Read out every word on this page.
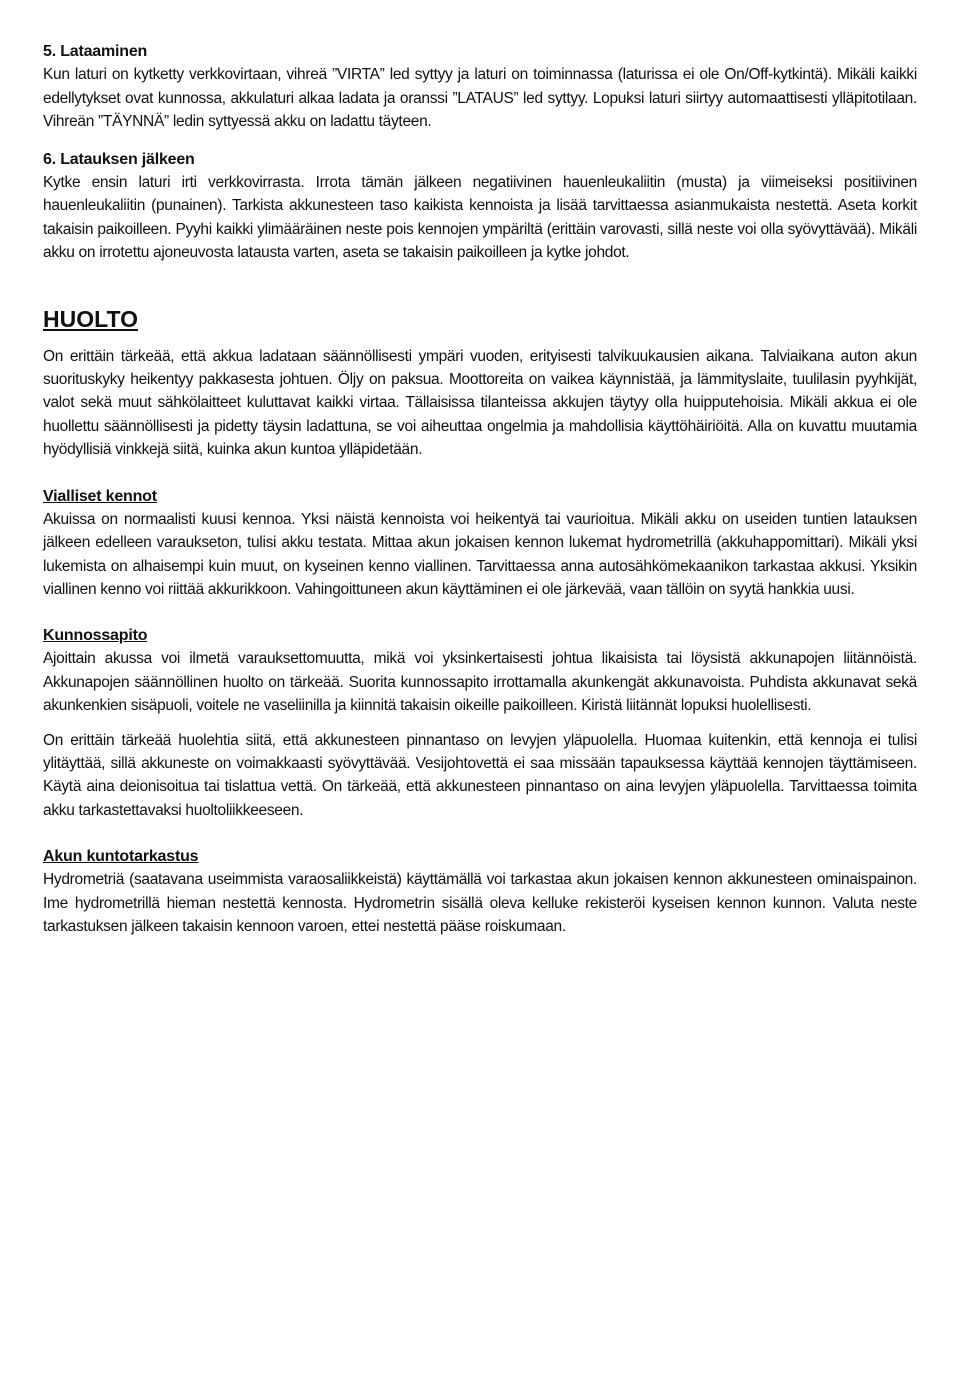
5. Lataaminen

Kun laturi on kytketty verkkovirtaan, vihreä ”VIRTA” led syttyy ja laturi on toiminnassa (laturissa ei ole On/Off-kytkintä). Mikäli kaikki edellytykset ovat kunnossa, akkulaturi alkaa ladata ja oranssi ”LATAUS” led syttyy. Lopuksi laturi siirtyy automaattisesti ylläpitotilaan. Vihreän ”TÄYNNÄ” ledin syttyessä akku on ladattu täyteen.

6. Latauksen jälkeen

Kytke ensin laturi irti verkkovirrasta. Irrota tämän jälkeen negatiivinen hauenleukaliitin (musta) ja viimeiseksi positiivinen hauenleukaliitin (punainen). Tarkista akkunesteen taso kaikista kennoista ja lisää tarvittaessa asianmukaista nestettä. Aseta korkit takaisin paikoilleen. Pyyhi kaikki ylimääräinen neste pois kennojen ympäriltä (erittäin varovasti, sillä neste voi olla syövyttävää). Mikäli akku on irrotettu ajoneuvosta latausta varten, aseta se takaisin paikoilleen ja kytke johdot.

HUOLTO

On erittäin tärkeää, että akkua ladataan säännöllisesti ympäri vuoden, erityisesti talvikuukausien aikana. Talviaikana auton akun suorituskyky heikentyy pakkasesta johtuen. Öljy on paksua. Moottoreita on vaikea käynnistää, ja lämmityslaite, tuulilasin pyyhkijät, valot sekä muut sähkölaitteet kuluttavat kaikki virtaa. Tällaisissa tilanteissa akkujen täytyy olla huipputehoisia. Mikäli akkua ei ole huollettu säännöllisesti ja pidetty täysin ladattuna, se voi aiheuttaa ongelmia ja mahdollisia käyttöhäiriöitä. Alla on kuvattu muutamia hyödyllisiä vinkkejä siitä, kuinka akun kuntoa ylläpidetään.

Vialliset kennot

Akuissa on normaalisti kuusi kennoa. Yksi näistä kennoista voi heikentyä tai vaurioitua. Mikäli akku on useiden tuntien latauksen jälkeen edelleen varaukseton, tulisi akku testata. Mittaa akun jokaisen kennon lukemat hydrometrillä (akkuhappomittari). Mikäli yksi lukemista on alhaisempi kuin muut, on kyseinen kenno viallinen. Tarvittaessa anna autosähkömekaanikon tarkastaa akkusi. Yksikin viallinen kenno voi riittää akkurikkoon. Vahingoittuneen akun käyttäminen ei ole järkevää, vaan tällöin on syytä hankkia uusi.

Kunnossapito

Ajoittain akussa voi ilmetä varauksettomuutta, mikä voi yksinkertaisesti johtua likaisista tai löysistä akkunapojen liitännöistä. Akkunapojen säännöllinen huolto on tärkeää. Suorita kunnossapito irrottamalla akunkengät akkunavoista. Puhdista akkunavat sekä akunkenkien sisäpuoli, voitele ne vaseliinilla ja kiinnitä takaisin oikeille paikoilleen. Kiristä liitännät lopuksi huolellisesti.

On erittäin tärkeää huolehtia siitä, että akkunesteen pinnantaso on levyjen yläpuolella. Huomaa kuitenkin, että kennoja ei tulisi ylitäyttää, sillä akkuneste on voimakkaasti syövyttävää. Vesijohtovettä ei saa missään tapauksessa käyttää kennojen täyttämiseen. Käytä aina deionisoitua tai tislattua vettä. On tärkeää, että akkunesteen pinnantaso on aina levyjen yläpuolella. Tarvittaessa toimita akku tarkastettavaksi huoltoliikkeeseen.

Akun kuntotarkastus

Hydrometriä (saatavana useimmista varaosaliikkeistä) käyttämällä voi tarkastaa akun jokaisen kennon akkunesteen ominaispainon. Ime hydrometrillä hieman nestettä kennosta. Hydrometrin sisällä oleva kelluke rekisteröi kyseisen kennon kunnon. Valuta neste tarkastuksen jälkeen takaisin kennoon varoen, ettei nestettä pääse roiskumaan.
